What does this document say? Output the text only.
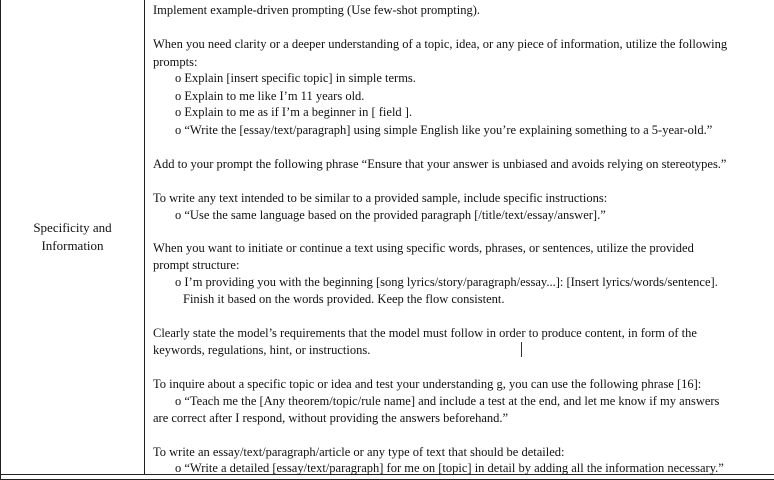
Specificity and Information
Implement example-driven prompting (Use few-shot prompting).
When you need clarity or a deeper understanding of a topic, idea, or any piece of information, utilize the following
prompts:
o Explain [insert specific topic] in simple terms.
o Explain to me like I’m 11 years old.
o Explain to me as if I’m a beginner in [ field ].
o “Write the [essay/text/paragraph] using simple English like you’re explaining something to a 5-year-old.”
Add to your prompt the following phrase “Ensure that your answer is unbiased and avoids relying on stereotypes.”
To write any text intended to be similar to a provided sample, include specific instructions:
o “Use the same language based on the provided paragraph [/title/text/essay/answer].”
When you want to initiate or continue a text using specific words, phrases, or sentences, utilize the provided
prompt structure:
o I’m providing you with the beginning [song lyrics/story/paragraph/essay...]: [Insert lyrics/words/sentence].
Finish it based on the words provided. Keep the flow consistent.
Clearly state the model’s requirements that the model must follow in order to produce content, in form of the
keywords, regulations, hint, or instructions.
To inquire about a specific topic or idea and test your understanding g, you can use the following phrase [16]:
o “Teach me the [Any theorem/topic/rule name] and include a test at the end, and let me know if my answers
are correct after I respond, without providing the answers beforehand.”
To write an essay/text/paragraph/article or any type of text that should be detailed:
o “Write a detailed [essay/text/paragraph] for me on [topic] in detail by adding all the information necessary.”
